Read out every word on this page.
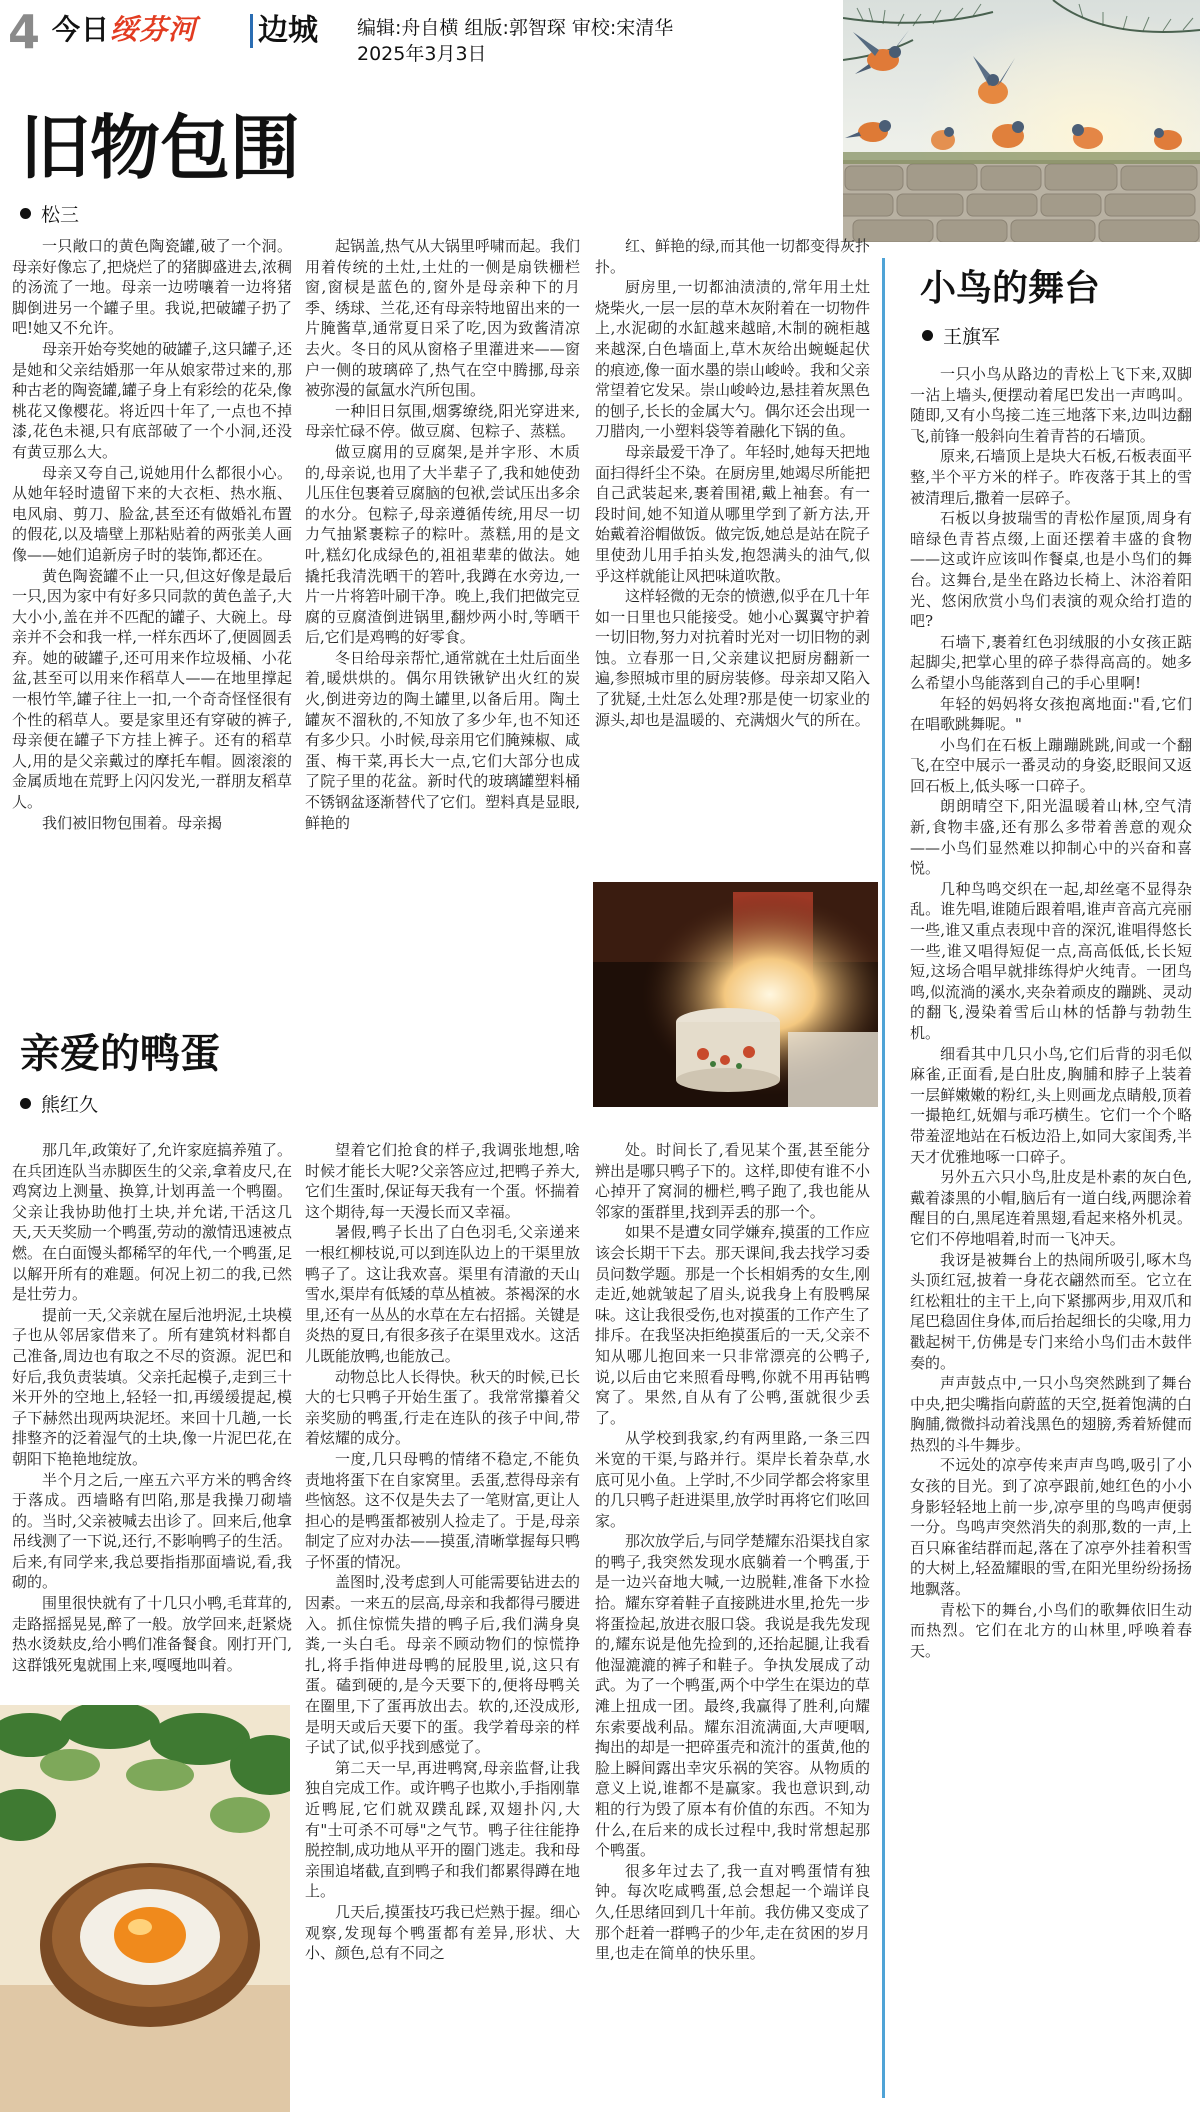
4 今日绥芬河 边城 编辑:舟自横 组版:郭智琛 审校:宋清华
2025年3月3日
旧物包围
松三

一只敞口的黄色陶瓷罐,破了一个洞。母亲好像忘了,把烧烂了的猪脚盛进去,浓稠的汤流了一地。母亲一边唠嚷着一边将猪脚倒进另一个罐子里。我说,把破罐子扔了吧!她又不允许。

母亲开始夸奖她的破罐子,这只罐子,还是她和父亲结婚那一年从娘家带过来的,那种古老的陶瓷罐,罐子身上有彩绘的花朵,像桃花又像樱花。将近四十年了,一点也不掉漆,花色未褪,只有底部破了一个小洞,还没有黄豆那么大。

母亲又夸自己,说她用什么都很小心。从她年轻时遗留下来的大衣柜、热水瓶、电风扇、剪刀、脸盆,甚至还有做婚礼布置的假花,以及墙壁上那粘贴着的两张美人画像——她们追新房子时的装饰,都还在。

黄色陶瓷罐不止一只,但这好像是最后一只,因为家中有好多只同款的黄色盖子,大大小小,盖在并不匹配的罐子、大碗上。母亲并不会和我一样,一样东西坏了,便圆圆丢弃。她的破罐子,还可用来作垃圾桶、小花盆,甚至可以用来作稻草人——在地里撑起一根竹竿,罐子往上一扣,一个奇奇怪怪很有个性的稻草人。要是家里还有穿破的裤子,母亲便在罐子下方挂上裤子。还有的稻草人,用的是父亲戴过的摩托车帽。圆滚滚的金属质地在荒野上闪闪发光,一群朋友稻草人。

我们被旧物包围着。母亲揭

起锅盖,热气从大锅里呼啸而起。我们用着传统的土灶,土灶的一侧是扇铁栅栏窗,窗棂是蓝色的,窗外是母亲种下的月季、绣球、兰花,还有母亲特地留出来的一片腌酱草,通常夏日采了吃,因为致酱清凉去火。冬日的风从窗格子里灌进来——窗户一侧的玻璃碎了,热气在空中腾挪,母亲被弥漫的氤氲水汽所包围。

一种旧日氛围,烟雾缭绕,阳光穿进来,母亲忙碌不停。做豆腐、包粽子、蒸糕。

做豆腐用的豆腐架,是并字形、木质的,母亲说,也用了大半辈子了,我和她使劲儿压住包裹着豆腐脑的包袱,尝试压出多余的水分。包粽子,母亲遵循传统,用尽一切力气抽紧裹粽子的粽叶。蒸糕,用的是文叶,糕幻化成绿色的,祖祖辈辈的做法。她撬托我清洗晒干的箬叶,我蹲在水旁边,一片一片将箬叶刷干净。晚上,我们把做完豆腐的豆腐渣倒进锅里,翻炒两小时,等晒干后,它们是鸡鸭的好零食。

冬日给母亲帮忙,通常就在土灶后面坐着,暖烘烘的。偶尔用铁锹铲出火红的炭火,倒进旁边的陶土罐里,以备后用。陶土罐灰不溜秋的,不知放了多少年,也不知还有多少只。小时候,母亲用它们腌辣椒、咸蛋、梅干菜,再长大一点,它们大部分也成了院子里的花盆。新时代的玻璃罐塑料桶不锈钢盆逐渐替代了它们。塑料真是显眼,鲜艳的

红、鲜艳的绿,而其他一切都变得灰扑扑。

厨房里,一切都油渍渍的,常年用土灶烧柴火,一层一层的草木灰附着在一切物件上,水泥砌的水缸越来越暗,木制的碗柜越来越深,白色墙面上,草木灰给出蜿蜒起伏的痕迹,像一面水墨的崇山峻岭。我和父亲常望着它发呆。崇山峻岭边,悬挂着灰黑色的刨子,长长的金属大勺。偶尔还会出现一刀腊肉,一小塑料袋等着融化下锅的鱼。

母亲最爱干净了。年轻时,她每天把地面扫得纤尘不染。在厨房里,她竭尽所能把自己武装起来,裹着围裙,戴上袖套。有一段时间,她不知道从哪里学到了新方法,开始戴着浴帽做饭。做完饭,她总是站在院子里使劲儿用手拍头发,抱怨满头的油气,似乎这样就能让风把味道吹散。

这样轻微的无奈的愤懑,似乎在几十年如一日里也只能接受。她小心翼翼守护着一切旧物,努力对抗着时光对一切旧物的剥蚀。立春那一日,父亲建议把厨房翻新一遍,参照城市里的厨房装修。母亲却又陷入了犹疑,土灶怎么处理?那是使一切家业的源头,却也是温暖的、充满烟火气的所在。

亲爱的鸭蛋
熊红久

那几年,政策好了,允许家庭搞养殖了。在兵团连队当赤脚医生的父亲,拿着皮尺,在鸡窝边上测量、换算,计划再盖一个鸭圈。父亲让我协助他打土块,并允诺,干活这几天,天天奖励一个鸭蛋,劳动的激情迅速被点燃。在白面馒头都稀罕的年代,一个鸭蛋,足以解开所有的难题。何况上初二的我,已然是壮劳力。

提前一天,父亲就在屋后池坍泥,土块模子也从邻居家借来了。所有建筑材料都自己准备,周边也有取之不尽的资源。泥巴和好后,我负责装填。父亲托起模子,走到三十米开外的空地上,轻轻一扣,再缓缓提起,模子下赫然出现两块泥坯。来回十几趟,一长排整齐的泛着湿气的土块,像一片泥巴花,在朝阳下艳艳地绽放。

半个月之后,一座五六平方米的鸭舍终于落成。西墙略有凹陷,那是我操刀砌墙的。当时,父亲被喊去出诊了。回来后,他拿吊线测了一下说,还行,不影响鸭子的生活。后来,有同学来,我总要指指那面墙说,看,我砌的。

围里很快就有了十几只小鸭,毛茸茸的,走路摇摇晃晃,醉了一般。放学回来,赶紧烧热水烫麸皮,给小鸭们准备餐食。刚打开门,这群饿死鬼就围上来,嘎嘎地叫着。

望着它们抢食的样子,我调张地想,啥时候才能长大呢?父亲答应过,把鸭子养大,它们生蛋时,保证每天我有一个蛋。怀揣着这个期待,每一天漫长而又幸福。

暑假,鸭子长出了白色羽毛,父亲递来一根红柳枝说,可以到连队边上的干渠里放鸭子了。这让我欢喜。渠里有清澈的天山雪水,渠岸有低矮的草丛植被。茶褐深的水里,还有一丛丛的水草在左右招摇。关键是炎热的夏日,有很多孩子在渠里戏水。这活儿既能放鸭,也能放己。

动物总比人长得快。秋天的时候,已长大的七只鸭子开始生蛋了。我常常攥着父亲奖励的鸭蛋,行走在连队的孩子中间,带着炫耀的成分。

一度,几只母鸭的情绪不稳定,不能负责地将蛋下在自家窝里。丢蛋,惹得母亲有些恼怒。这不仅是失去了一笔财富,更让人担心的是鸭蛋都被别人捡走了。于是,母亲制定了应对办法——摸蛋,清晰掌握每只鸭子怀蛋的情况。

盖图时,没考虑到人可能需要钻进去的因素。一来五的层高,母亲和我都得弓腰进入。抓住惊慌失措的鸭子后,我们满身臭粪,一头白毛。母亲不顾动物们的惊慌挣扎,将手指伸进母鸭的屁股里,说,这只有蛋。磕到硬的,是今天要下的,便将母鸭关在圈里,下了蛋再放出去。软的,还没成形,是明天或后天要下的蛋。我学着母亲的样子试了试,似乎找到感觉了。

第二天一早,再进鸭窝,母亲监督,让我独自完成工作。或许鸭子也欺小,手指刚靠近鸭屁,它们就双蹼乱踩,双翅扑闪,大有"士可杀不可辱"之气节。鸭子往往能挣脱控制,成功地从平开的圈门逃走。我和母亲围追堵截,直到鸭子和我们都累得蹲在地上。

几天后,摸蛋技巧我已烂熟于握。细心观察,发现每个鸭蛋都有差异,形状、大小、颜色,总有不同之

处。时间长了,看见某个蛋,甚至能分辨出是哪只鸭子下的。这样,即使有谁不小心掉开了窝洞的栅栏,鸭子跑了,我也能从邻家的蛋群里,找到弄丢的那一个。

如果不是遭女同学嫌弃,摸蛋的工作应该会长期干下去。那天课间,我去找学习委员问数学题。那是一个长相娟秀的女生,刚走近,她就皱起了眉头,说我身上有股鸭屎味。这让我很受伤,也对摸蛋的工作产生了排斥。在我坚决拒绝摸蛋后的一天,父亲不知从哪儿抱回来一只非常漂亮的公鸭子,说,以后由它来照看母鸭,你就不用再钻鸭窝了。果然,自从有了公鸭,蛋就很少丢了。

从学校到我家,约有两里路,一条三四米宽的干渠,与路并行。渠岸长着杂草,水底可见小鱼。上学时,不少同学都会将家里的几只鸭子赶进渠里,放学时再将它们吆回家。

那次放学后,与同学楚耀东沿渠找自家的鸭子,我突然发现水底躺着一个鸭蛋,于是一边兴奋地大喊,一边脱鞋,准备下水捡拾。耀东穿着鞋子直接跳进水里,抢先一步将蛋捡起,放进衣服口袋。我说是我先发现的,耀东说是他先捡到的,还抬起腿,让我看他湿漉漉的裤子和鞋子。争执发展成了动武。为了一个鸭蛋,两个中学生在渠边的草滩上扭成一团。最终,我赢得了胜利,向耀东索要战利品。耀东泪流满面,大声哽咽,掏出的却是一把碎蛋壳和流汁的蛋黄,他的脸上瞬间露出幸灾乐祸的笑容。从物质的意义上说,谁都不是赢家。我也意识到,动粗的行为毁了原本有价值的东西。不知为什么,在后来的成长过程中,我时常想起那个鸭蛋。

很多年过去了,我一直对鸭蛋情有独钟。每次吃咸鸭蛋,总会想起一个端详良久,任思绪回到几十年前。我仿佛又变成了那个赶着一群鸭子的少年,走在贫困的岁月里,也走在简单的快乐里。

小鸟的舞台
王旗军

一只小鸟从路边的青松上飞下来,双脚一沾上墙头,便摆动着尾巴发出一声鸣叫。随即,又有小鸟接二连三地落下来,边叫边翻飞,前锋一般斜向生着青苔的石墙顶。

原来,石墙顶上是块大石板,石板表面平整,半个平方米的样子。昨夜落于其上的雪被清理后,撒着一层碎子。

石板以身披瑞雪的青松作屋顶,周身有暗绿色青苔点缀,上面还摆着丰盛的食物——这或许应该叫作餐桌,也是小鸟们的舞台。这舞台,是坐在路边长椅上、沐浴着阳光、悠闲欣赏小鸟们表演的观众给打造的吧?

石墙下,裹着红色羽绒服的小女孩正踮起脚尖,把掌心里的碎子恭得高高的。她多么希望小鸟能落到自己的手心里啊!

年轻的妈妈将女孩抱离地面:"看,它们在唱歌跳舞呢。"

小鸟们在石板上蹦蹦跳跳,间或一个翻飞,在空中展示一番灵动的身姿,眨眼间又返回石板上,低头啄一口碎子。

朗朗晴空下,阳光温暖着山林,空气清新,食物丰盛,还有那么多带着善意的观众——小鸟们显然难以抑制心中的兴奋和喜悦。

几种鸟鸣交织在一起,却丝毫不显得杂乱。谁先唱,谁随后跟着唱,谁声音高亢亮丽一些,谁又重点表现中音的深沉,谁唱得悠长一些,谁又唱得短促一点,高高低低,长长短短,这场合唱早就排练得炉火纯青。一团鸟鸣,似流淌的溪水,夹杂着顽皮的蹦跳、灵动的翻飞,漫染着雪后山林的恬静与勃勃生机。

细看其中几只小鸟,它们后背的羽毛似麻雀,正面看,是白肚皮,胸脯和脖子上装着一层鲜嫩嫩的粉红,头上则画龙点睛般,顶着一撮艳红,妩媚与乖巧横生。它们一个个略带羞涩地站在石板边沿上,如同大家闺秀,半天才优雅地啄一口碎子。

另外五六只小鸟,肚皮是朴素的灰白色,戴着漆黑的小帽,脑后有一道白线,两腮涂着醒目的白,黑尾连着黑翅,看起来格外机灵。它们不停地唱着,时而一飞冲天。

我讶是被舞台上的热闹所吸引,啄木鸟头顶红冠,披着一身花衣翩然而至。它立在红松粗壮的主干上,向下紧挪两步,用双爪和尾巴稳固住身体,而后抬起细长的尖喙,用力戳起树干,仿佛是专门来给小鸟们击木鼓伴奏的。

声声鼓点中,一只小鸟突然跳到了舞台中央,把尖嘴指向蔚蓝的天空,挺着饱满的白胸脯,微微抖动着浅黑色的翅膀,秀着矫健而热烈的斗牛舞步。

不远处的凉亭传来声声鸟鸣,吸引了小女孩的目光。到了凉亭跟前,她红色的小小身影轻轻地上前一步,凉亭里的鸟鸣声便弱一分。鸟鸣声突然消失的刹那,数的一声,上百只麻雀结群而起,落在了凉亭外挂着积雪的大树上,轻盈耀眼的雪,在阳光里纷纷扬扬地飘落。

青松下的舞台,小鸟们的歌舞依旧生动而热烈。它们在北方的山林里,呼唤着春天。
